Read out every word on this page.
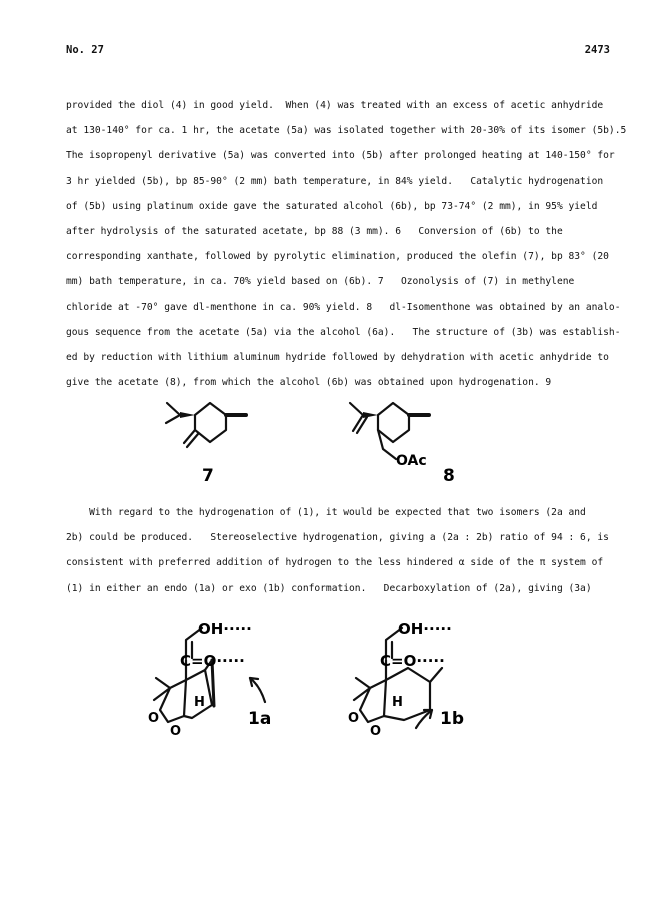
No. 27	2473
provided the diol (4) in good yield.  When (4) was treated with an excess of acetic anhydride
at 130-140° for ca. 1 hr, the acetate (5a) was isolated together with 20-30% of its isomer (5b).5
The isopropenyl derivative (5a) was converted into (5b) after prolonged heating at 140-150° for
3 hr yielded (5b), bp 85-90° (2 mm) bath temperature, in 84% yield.   Catalytic hydrogenation
of (5b) using platinum oxide gave the saturated alcohol (6b), bp 73-74° (2 mm), in 95% yield
after hydrolysis of the saturated acetate, bp 88 (3 mm). 6   Conversion of (6b) to the
corresponding xanthate, followed by pyrolytic elimination, produced the olefin (7), bp 83° (20
mm) bath temperature, in ca. 70% yield based on (6b). 7   Ozonolysis of (7) in methylene
chloride at -70° gave dl-menthone in ca. 90% yield. 8   dl-Isomenthone was obtained by an analo-
gous sequence from the acetate (5a) via the alcohol (6a).   The structure of (3b) was establish-
ed by reduction with lithium aluminum hydride followed by dehydration with acetic anhydride to
give the acetate (8), from which the alcohol (6b) was obtained upon hydrogenation. 9
7
OAc
8
With regard to the hydrogenation of (1), it would be expected that two isomers (2a and
2b) could be produced.   Stereoselective hydrogenation, giving a (2a : 2b) ratio of 94 : 6, is
consistent with preferred addition of hydrogen to the less hindered α side of the π system of
(1) in either an endo (1a) or exo (1b) conformation.   Decarboxylation of (2a), giving (3a)
OH·····
C=O·····
O
H
O
1a
OH·····
C=O·····
O
H
O
1b
